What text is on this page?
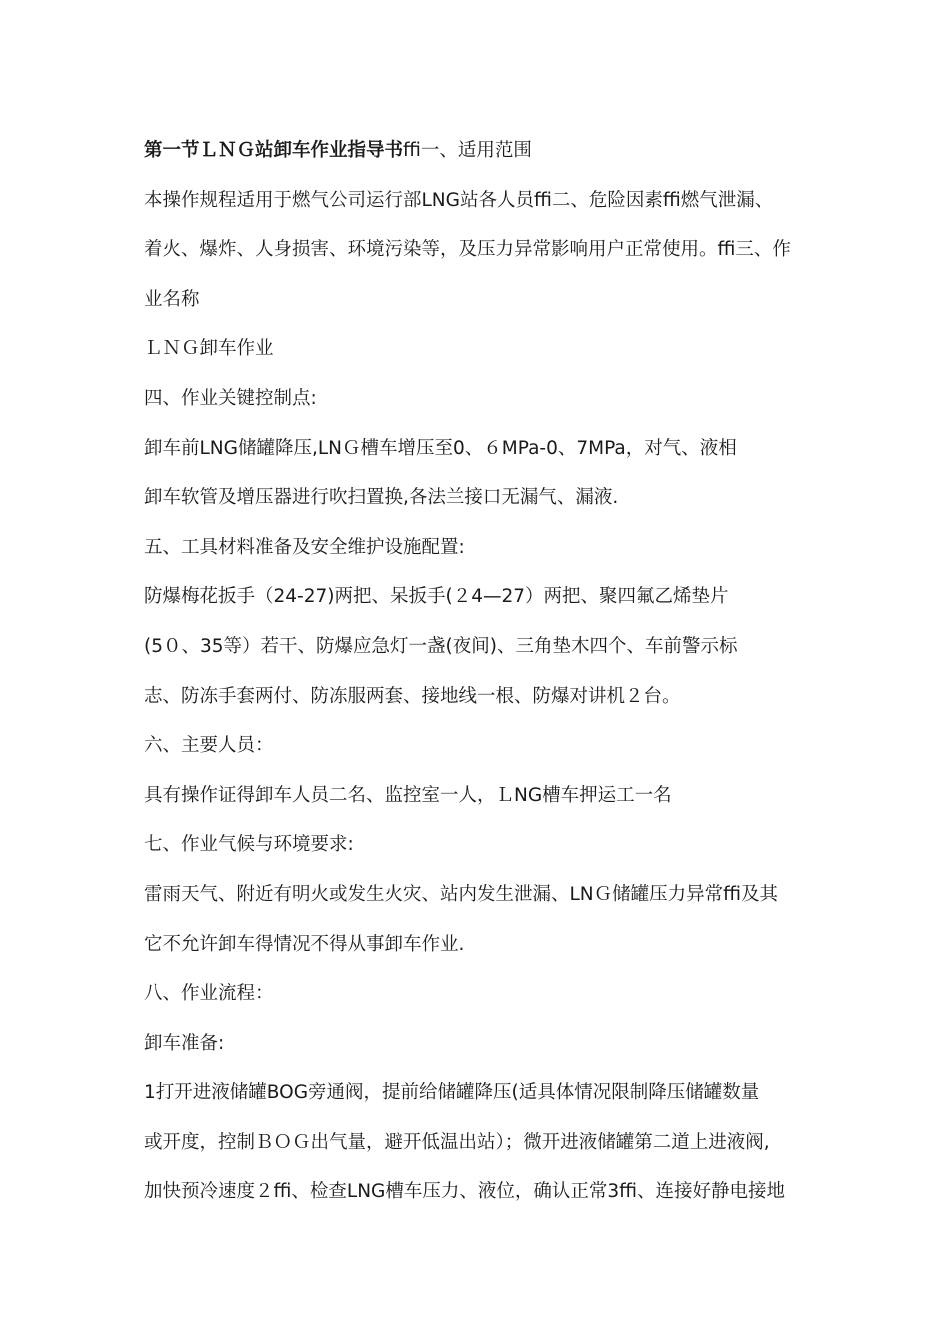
第一节ＬＮＧ站卸车作业指导书ﬃ一、适用范围
本操作规程适用于燃气公司运行部LNG站各人员ﬃ二、危险因素ﬃ燃气泄漏、
着火、爆炸、人身损害、环境污染等，及压力异常影响用户正常使用。ﬃ三、作
业名称
ＬＮＧ卸车作业
四、作业关键控制点:
卸车前LNG储罐降压,LNＧ槽车增压至0、６MPa-0、7MPa，对气、液相
卸车软管及增压器进行吹扫置换,各法兰接口无漏气、漏液.
五、工具材料准备及安全维护设施配置:
防爆梅花扳手（24-27)两把、呆扳手(２4—27）两把、聚四氟乙烯垫片
(5０、35等）若干、防爆应急灯一盏(夜间)、三角垫木四个、车前警示标
志、防冻手套两付、防冻服两套、接地线一根、防爆对讲机２台。
六、主要人员：
具有操作证得卸车人员二名、监控室一人，ＬNG槽车押运工一名
七、作业气候与环境要求:
雷雨天气、附近有明火或发生火灾、站内发生泄漏、LNＧ储罐压力异常ﬃ及其
它不允许卸车得情况不得从事卸车作业.
八、作业流程：
卸车准备:
1打开进液储罐BOG旁通阀，提前给储罐降压(适具体情况限制降压储罐数量
或开度，控制ＢＯＧ出气量，避开低温出站）；微开进液储罐第二道上进液阀,
加快预冷速度２ﬃ、检查LNG槽车压力、液位，确认正常3ﬃ、连接好静电接地
